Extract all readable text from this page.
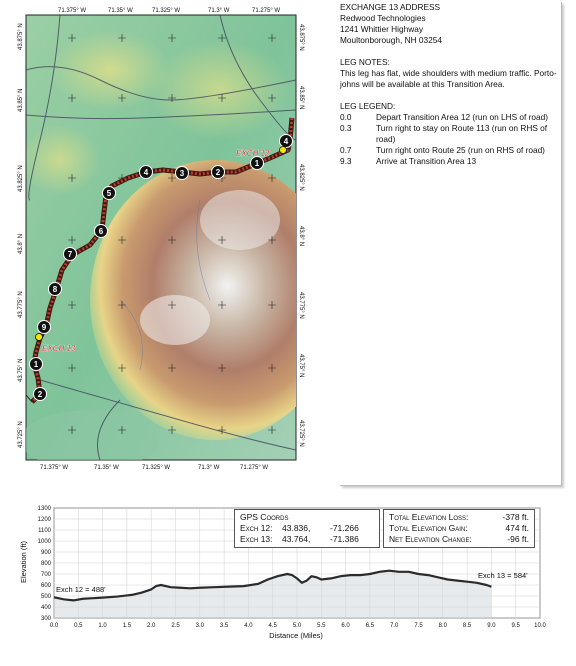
1
2
3
4
4
5
6
7
8
9
1
2
EXCH 12
EXCH 13
71.375° W	71.35° W	71.325° W	71.3° W	71.275° W
71.375° W	71.35° W	71.325° W	71.3° W	71.275° W
43.875° N
43.85° N
43.825° N
43.8° N
43.775° N
43.75° N
43.725° N
43.875° N
43.85° N
43.825° N
43.8° N
43.775° N
43.75° N
43.725° N
EXCHANGE 13 ADDRESS
Redwood Technologies
1241 Whittier Highway
Moultonborough, NH 03254
LEG NOTES:
This leg has flat, wide shoulders with medium traffic. Porto-johns will be available at this Transition Area.
LEG LEGEND:
0.0	Depart Transition Area 12 (run on LHS of road)
0.3	Turn right to stay on Route 113 (run on RHS of road)
0.7	Turn right onto Route 25 (run on RHS of road)
9.3	Arrive at Transition Area 13
300
400
500
600
700
800
900
1000
1100
1200
1300
0.0	0.5	1.0	1.5	2.0	2.5	3.0	3.5	4.0	4.5	5.0	5.5	6.0	6.5	7.0	7.5	8.0	8.5	9.0	9.5 10.0
Elevation (ft)
Distance (Miles)
Exch 12 = 488'
Exch 13 = 584'
GPS Coords
Exch 12:	43.836,	-71.266
Exch 13:	43.764,	-71.386
Total Elevation Loss:	-378 ft.
Total Elevation Gain:	474 ft.
Net Elevation Change:	-96 ft.
